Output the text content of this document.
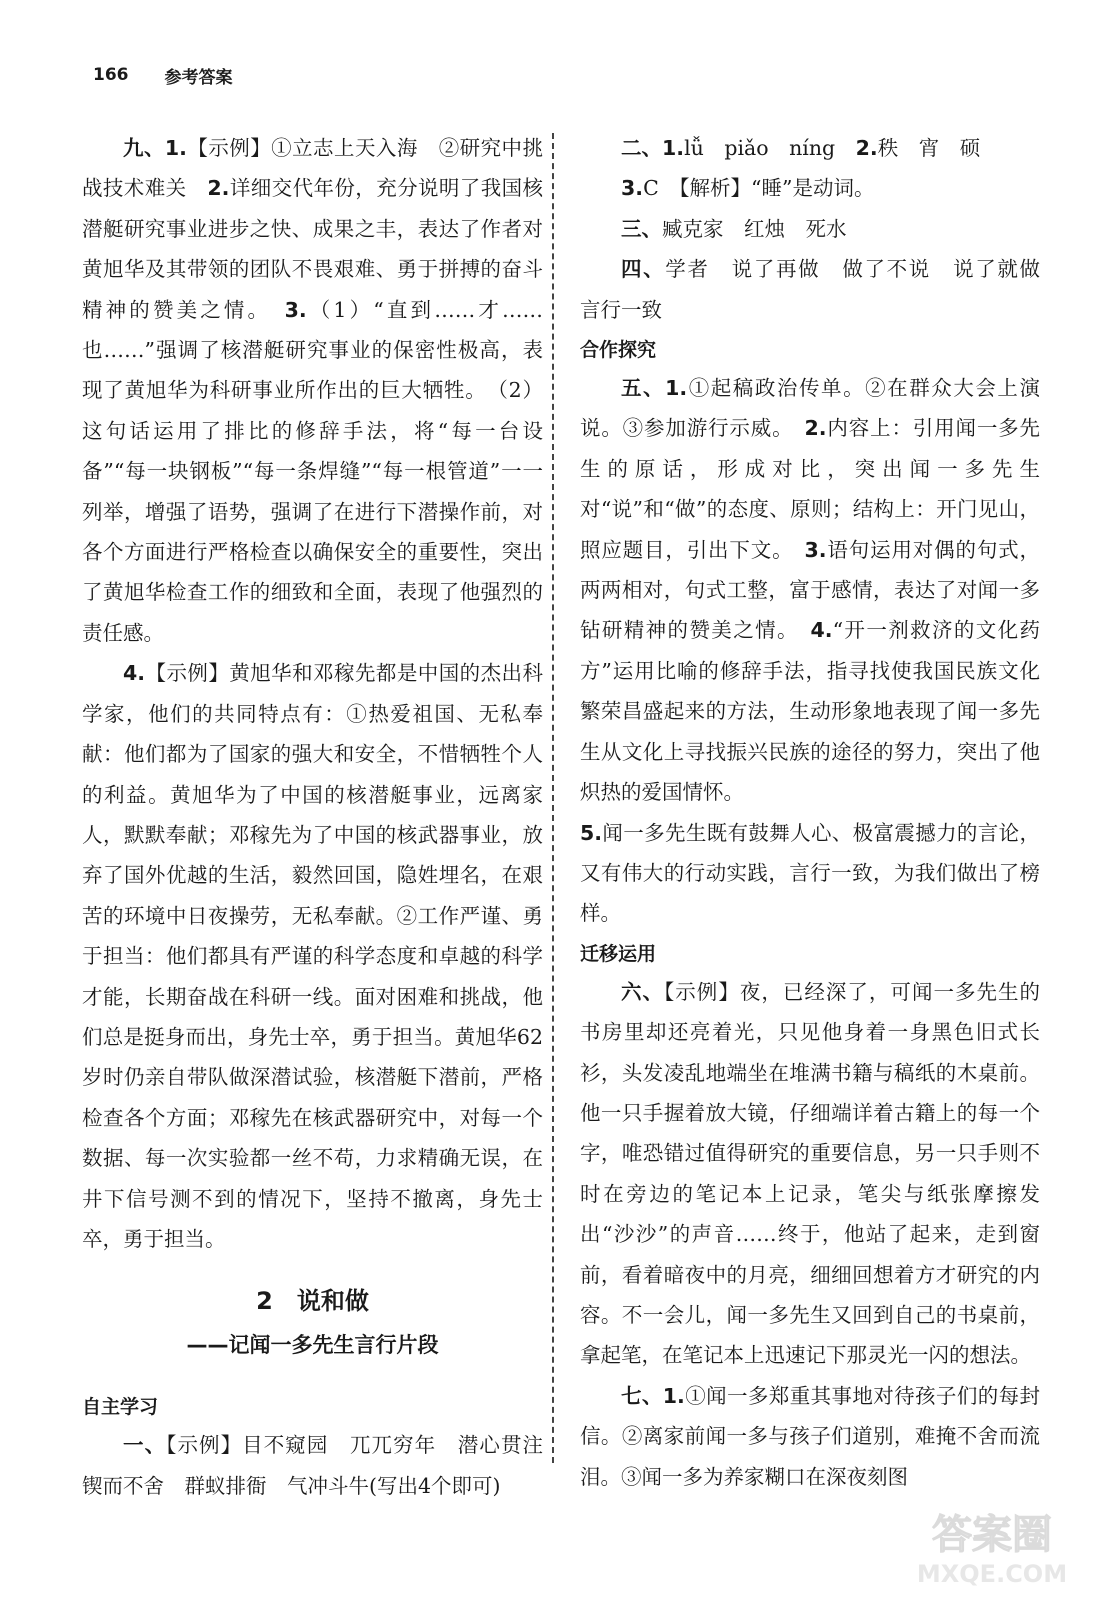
166 参考答案

九、1.【示例】①立志上天入海　②研究中挑战技术难关　2.详细交代年份，充分说明了我国核潜艇研究事业进步之快、成果之丰，表达了作者对黄旭华及其带领的团队不畏艰难、勇于拼搏的奋斗精神的赞美之情。　3.（1）“直到……才……也……”强调了核潜艇研究事业的保密性极高，表现了黄旭华为科研事业所作出的巨大牺牲。　（2）这句话运用了排比的修辞手法，将“每一台设备”“每一块钢板”“每一条焊缝”“每一根管道”一一列举，增强了语势，强调了在进行下潜操作前，对各个方面进行严格检查以确保安全的重要性，突出了黄旭华检查工作的细致和全面，表现了他强烈的责任感。

4.【示例】黄旭华和邓稼先都是中国的杰出科学家，他们的共同特点有：①热爱祖国、无私奉献：他们都为了国家的强大和安全，不惜牺牲个人的利益。黄旭华为了中国的核潜艇事业，远离家人，默默奉献；邓稼先为了中国的核武器事业，放弃了国外优越的生活，毅然回国，隐姓埋名，在艰苦的环境中日夜操劳，无私奉献。②工作严谨、勇于担当：他们都具有严谨的科学态度和卓越的科学才能，长期奋战在科研一线。面对困难和挑战，他们总是挺身而出，身先士卒，勇于担当。黄旭华62岁时仍亲自带队做深潜试验，核潜艇下潜前，严格检查各个方面；邓稼先在核武器研究中，对每一个数据、每一次实验都一丝不苟，力求精确无误，在井下信号测不到的情况下，坚持不撤离，身先士卒，勇于担当。

2　说和做
——记闻一多先生言行片段
自主学习

一、【示例】目不窥园　兀兀穷年　潜心贯注　锲而不舍　群蚁排衙　气冲斗牛(写出4个即可)

二、1.lǚ　piǎo　níng　2.秩　宵　硕

3.C　【解析】“睡”是动词。

三、臧克家　红烛　死水

四、学者　说了再做　做了不说　说了就做　言行一致

合作探究

五、1.①起稿政治传单。②在群众大会上演说。③参加游行示威。　2.内容上：引用闻一多先生的原话，形成对比，突出闻一多先生对“说”和“做”的态度、原则；结构上：开门见山，照应题目，引出下文。　3.语句运用对偶的句式，两两相对，句式工整，富于感情，表达了对闻一多钻研精神的赞美之情。　4.“开一剂救济的文化药方”运用比喻的修辞手法，指寻找使我国民族文化繁荣昌盛起来的方法，生动形象地表现了闻一多先生从文化上寻找振兴民族的途径的努力，突出了他炽热的爱国情怀。

5.闻一多先生既有鼓舞人心、极富震撼力的言论，又有伟大的行动实践，言行一致，为我们做出了榜样。

迁移运用

六、【示例】夜，已经深了，可闻一多先生的书房里却还亮着光，只见他身着一身黑色旧式长衫，头发凌乱地端坐在堆满书籍与稿纸的木桌前。他一只手握着放大镜，仔细端详着古籍上的每一个字，唯恐错过值得研究的重要信息，另一只手则不时在旁边的笔记本上记录，笔尖与纸张摩擦发出“沙沙”的声音……终于，他站了起来，走到窗前，看着暗夜中的月亮，细细回想着方才研究的内容。不一会儿，闻一多先生又回到自己的书桌前，拿起笔，在笔记本上迅速记下那灵光一闪的想法。

七、1.①闻一多郑重其事地对待孩子们的每封信。②离家前闻一多与孩子们道别，难掩不舍而流泪。③闻一多为养家糊口在深夜刻图

答案圈
MXQE.COM
